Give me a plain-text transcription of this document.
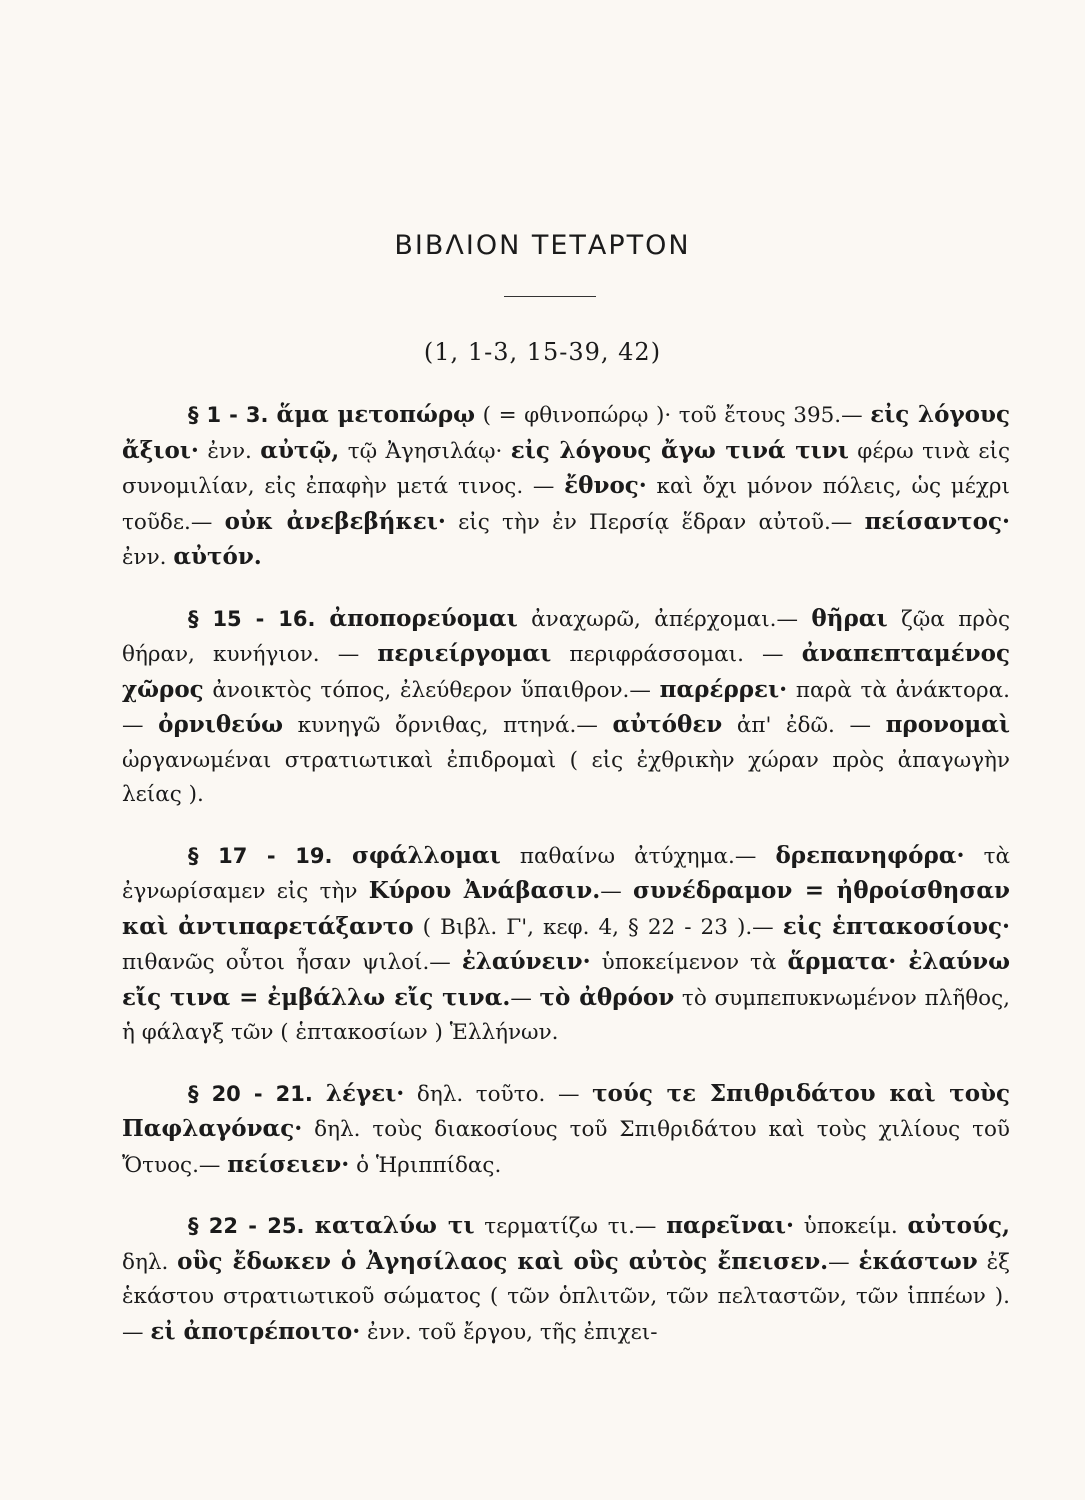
ΒΙΒΛΙΟΝ ΤΕΤΑΡΤΟΝ
(1, 1-3, 15-39, 42)

§ 1 - 3. ἅμα μετοπώρῳ ( = φθινοπώρῳ )· τοῦ ἔτους 395.— εἰς λόγους ἄξιοι· ἐνν. αὐτῷ, τῷ Ἀγησιλάῳ· εἰς λόγους ἄγω τινά τινι φέρω τινὰ εἰς συνομιλίαν, εἰς ἐπαφὴν μετά τινος. — ἔθνος· καὶ ὄχι μόνον πόλεις, ὡς μέχρι τοῦδε.— οὐκ ἀνεβεβήκει· εἰς τὴν ἐν Περσίᾳ ἕδραν αὐτοῦ.— πείσαντος· ἐνν. αὐτόν.

§ 15 - 16. ἀποπορεύομαι ἀναχωρῶ, ἀπέρχομαι.— θῆραι ζῷα πρὸς θήραν, κυνήγιον. — περιείργομαι περιφράσσομαι. — ἀναπεπταμένος χῶρος ἀνοικτὸς τόπος, ἐλεύθερον ὕπαιθρον.— παρέρρει· παρὰ τὰ ἀνάκτορα.— ὀρνιθεύω κυνηγῶ ὄρνιθας, πτηνά.— αὐτόθεν ἀπ' ἐδῶ. — προνομαὶ ὠργανωμέναι στρατιωτικαὶ ἐπιδρομαὶ ( εἰς ἐχθρικὴν χώραν πρὸς ἀπαγωγὴν λείας ).

§ 17 - 19. σφάλλομαι παθαίνω ἀτύχημα.— δρεπανηφόρα· τὰ ἐγνωρίσαμεν εἰς τὴν Κύρου Ἀνάβασιν.— συνέδραμον = ἠθροίσθησαν καὶ ἀντιπαρετάξαντο ( Βιβλ. Γ', κεφ. 4, § 22 - 23 ).— εἰς ἑπτακοσίους· πιθανῶς οὗτοι ἦσαν ψιλοί.— ἐλαύνειν· ὑποκείμενον τὰ ἅρματα· ἐλαύνω εἴς τινα = ἐμβάλλω εἴς τινα.— τὸ ἀθρόον τὸ συμπεπυκνωμένον πλῆθος, ἡ φάλαγξ τῶν ( ἑπτακοσίων ) Ἑλλήνων.

§ 20 - 21. λέγει· δηλ. τοῦτο. — τούς τε Σπιθριδάτου καὶ τοὺς Παφλαγόνας· δηλ. τοὺς διακοσίους τοῦ Σπιθριδάτου καὶ τοὺς χιλίους τοῦ Ὄτυος.— πείσειεν· ὁ Ἡριππίδας.

§ 22 - 25. καταλύω τι τερματίζω τι.— παρεῖναι· ὑποκείμ. αὐτούς, δηλ. οὓς ἔδωκεν ὁ Ἀγησίλαος καὶ οὓς αὐτὸς ἔπεισεν.— ἑκάστων ἐξ ἑκάστου στρατιωτικοῦ σώματος ( τῶν ὁπλιτῶν, τῶν πελταστῶν, τῶν ἱππέων ).— εἰ ἀποτρέποιτο· ἐνν. τοῦ ἔργου, τῆς ἐπιχει-
